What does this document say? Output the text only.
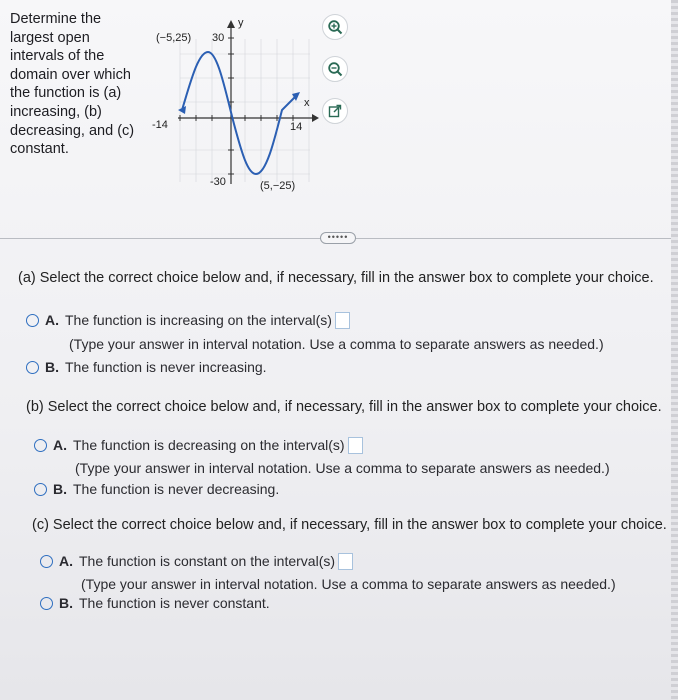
Determine the largest open intervals of the domain over which the function is (a) increasing, (b) decreasing, and (c) constant.
(−5,25) 30
y
x
-14	14
-30	(5,−25)
•••••
(a) Select the correct choice below and, if necessary, fill in the answer box to complete your choice.
A. The function is increasing on the interval(s)
(Type your answer in interval notation. Use a comma to separate answers as needed.)
B. The function is never increasing.
(b) Select the correct choice below and, if necessary, fill in the answer box to complete your choice.
A. The function is decreasing on the interval(s)
(Type your answer in interval notation. Use a comma to separate answers as needed.)
B. The function is never decreasing.
(c) Select the correct choice below and, if necessary, fill in the answer box to complete your choice.
A. The function is constant on the interval(s)
(Type your answer in interval notation. Use a comma to separate answers as needed.)
B. The function is never constant.
